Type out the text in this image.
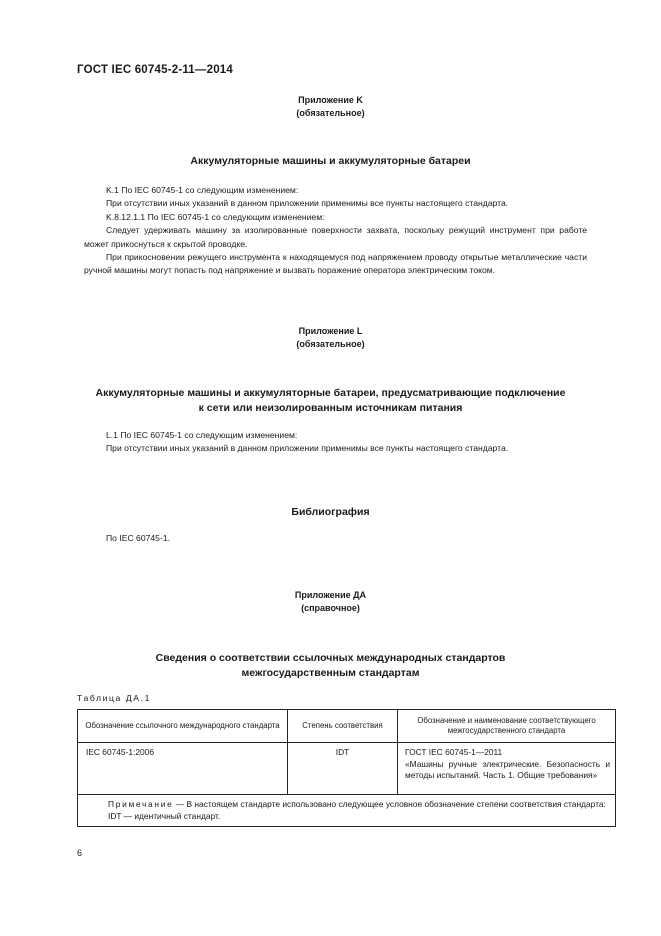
ГОСТ IEC 60745-2-11—2014
Приложение K
(обязательное)
Аккумуляторные машины и аккумуляторные батареи

K.1 По IEC 60745-1 со следующим изменением:

При отсутствии иных указаний в данном приложении применимы все пункты настоящего стандарта.

K.8.12.1.1 По IEC 60745-1 со следующим изменением:

Следует удерживать машину за изолированные поверхности захвата, поскольку режущий инструмент при работе может прикоснуться к скрытой проводке.

При прикосновении режущего инструмента к находящемуся под напряжением проводу открытые металлические части ручной машины могут попасть под напряжение и вызвать поражение оператора электрическим током.

Приложение L
(обязательное)
Аккумуляторные машины и аккумуляторные батареи, предусматривающие подключение
к сети или неизолированным источникам питания

L.1 По IEC 60745-1 со следующим изменением:

При отсутствии иных указаний в данном приложении применимы все пункты настоящего стандарта.

Библиография

По IEC 60745-1.

Приложение ДА
(справочное)
Сведения о соответствии ссылочных международных стандартов
межгосударственным стандартам
Таблица ДА.1
Обозначение ссылочного международного стандарта	Степень соответствия	Обозначение и наименование соответствующего межгосударственного стандарта
IEC 60745-1:2006	IDT	ГОСТ IEC 60745-1—2011
«Машины ручные электрические. Безопасность и методы испытаний. Часть 1. Общие требования»

Примечание — В настоящем стандарте использовано следующее условное обозначение степени соответствия стандарта:
IDT — идентичный стандарт.		
6
